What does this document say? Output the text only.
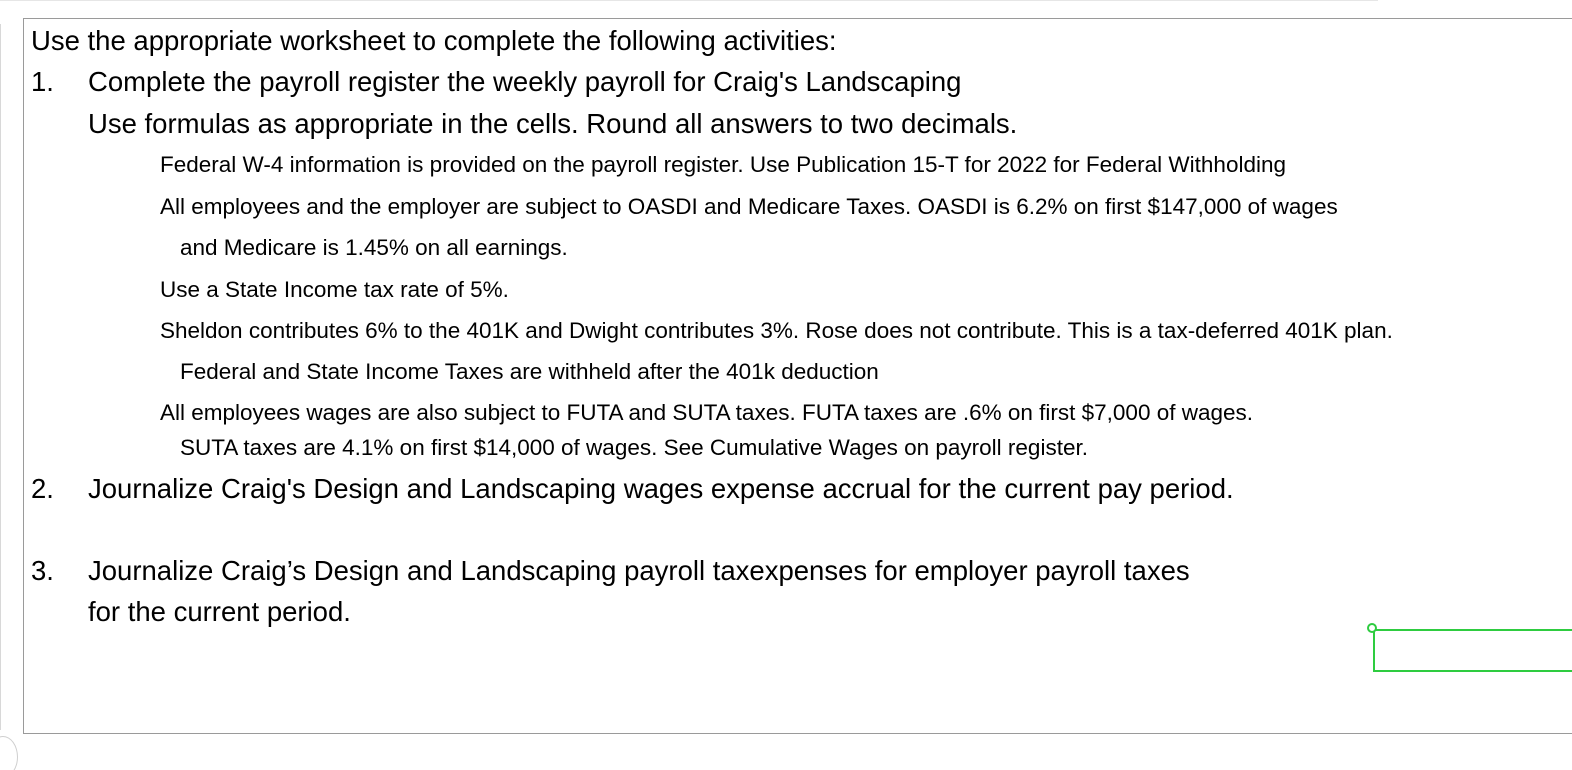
Use the appropriate worksheet to complete the following activities:
1. Complete the payroll register the weekly payroll for Craig's Landscaping
Use formulas as appropriate in the cells. Round all answers to two decimals.
Federal W-4 information is provided on the payroll register. Use Publication 15-T for 2022 for Federal Withholding
All employees and the employer are subject to OASDI and Medicare Taxes. OASDI is 6.2% on first $147,000 of wages
and Medicare is 1.45% on all earnings.
Use a State Income tax rate of 5%.
Sheldon contributes 6% to the 401K and Dwight contributes 3%. Rose does not contribute. This is a tax-deferred 401K plan.
Federal and State Income Taxes are withheld after the 401k deduction
All employees wages are also subject to FUTA and SUTA taxes. FUTA taxes are .6% on first $7,000 of wages.
SUTA taxes are 4.1% on first $14,000 of wages. See Cumulative Wages on payroll register.
2. Journalize Craig's Design and Landscaping wages expense accrual for the current pay period.
3. Journalize Craig’s Design and Landscaping payroll taxexpenses for employer payroll taxes
for the current period.
